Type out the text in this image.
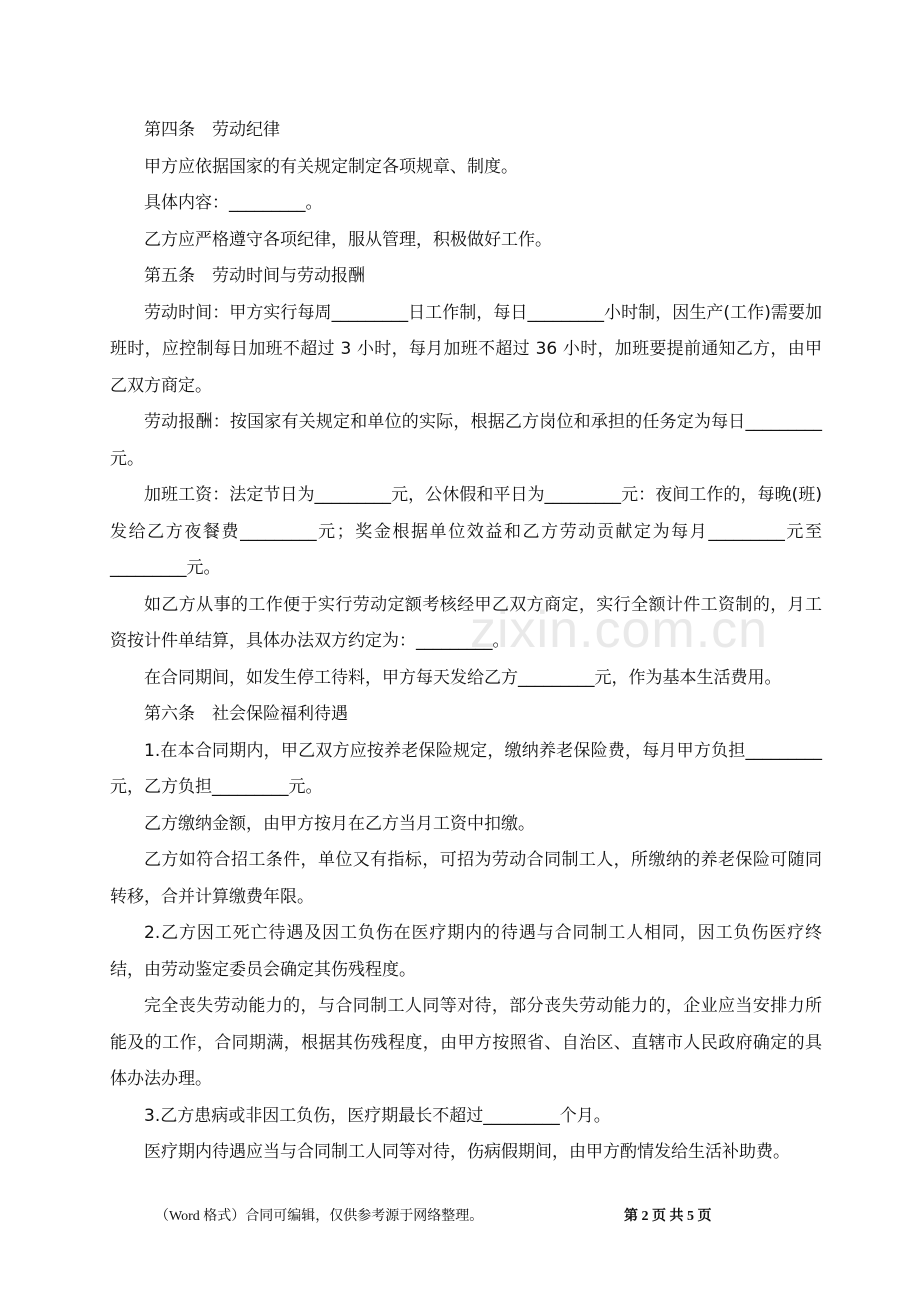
zixin.com.cn

第四条　劳动纪律

甲方应依据国家的有关规定制定各项规章、制度。

具体内容：_________。

乙方应严格遵守各项纪律，服从管理，积极做好工作。

第五条　劳动时间与劳动报酬

劳动时间：甲方实行每周_________日工作制，每日_________小时制，因生产(工作)需要加班时，应控制每日加班不超过 3 小时，每月加班不超过 36 小时，加班要提前通知乙方，由甲乙双方商定。

劳动报酬：按国家有关规定和单位的实际，根据乙方岗位和承担的任务定为每日_________元。

加班工资：法定节日为_________元，公休假和平日为_________元：夜间工作的，每晚(班)发给乙方夜餐费_________元；奖金根据单位效益和乙方劳动贡献定为每月_________元至_________元。

如乙方从事的工作便于实行劳动定额考核经甲乙双方商定，实行全额计件工资制的，月工资按计件单结算，具体办法双方约定为：_________。

在合同期间，如发生停工待料，甲方每天发给乙方_________元，作为基本生活费用。

第六条　社会保险福利待遇

1.在本合同期内，甲乙双方应按养老保险规定，缴纳养老保险费，每月甲方负担_________元，乙方负担_________元。

乙方缴纳金额，由甲方按月在乙方当月工资中扣缴。

乙方如符合招工条件，单位又有指标，可招为劳动合同制工人，所缴纳的养老保险可随同转移，合并计算缴费年限。

2.乙方因工死亡待遇及因工负伤在医疗期内的待遇与合同制工人相同，因工负伤医疗终结，由劳动鉴定委员会确定其伤残程度。

完全丧失劳动能力的，与合同制工人同等对待，部分丧失劳动能力的，企业应当安排力所能及的工作，合同期满，根据其伤残程度，由甲方按照省、自治区、直辖市人民政府确定的具体办法办理。

3.乙方患病或非因工负伤，医疗期最长不超过_________个月。

医疗期内待遇应当与合同制工人同等对待，伤病假期间，由甲方酌情发给生活补助费。

（Word 格式）合同可编辑，仅供参考源于网络整理。	第 2 页 共 5 页
